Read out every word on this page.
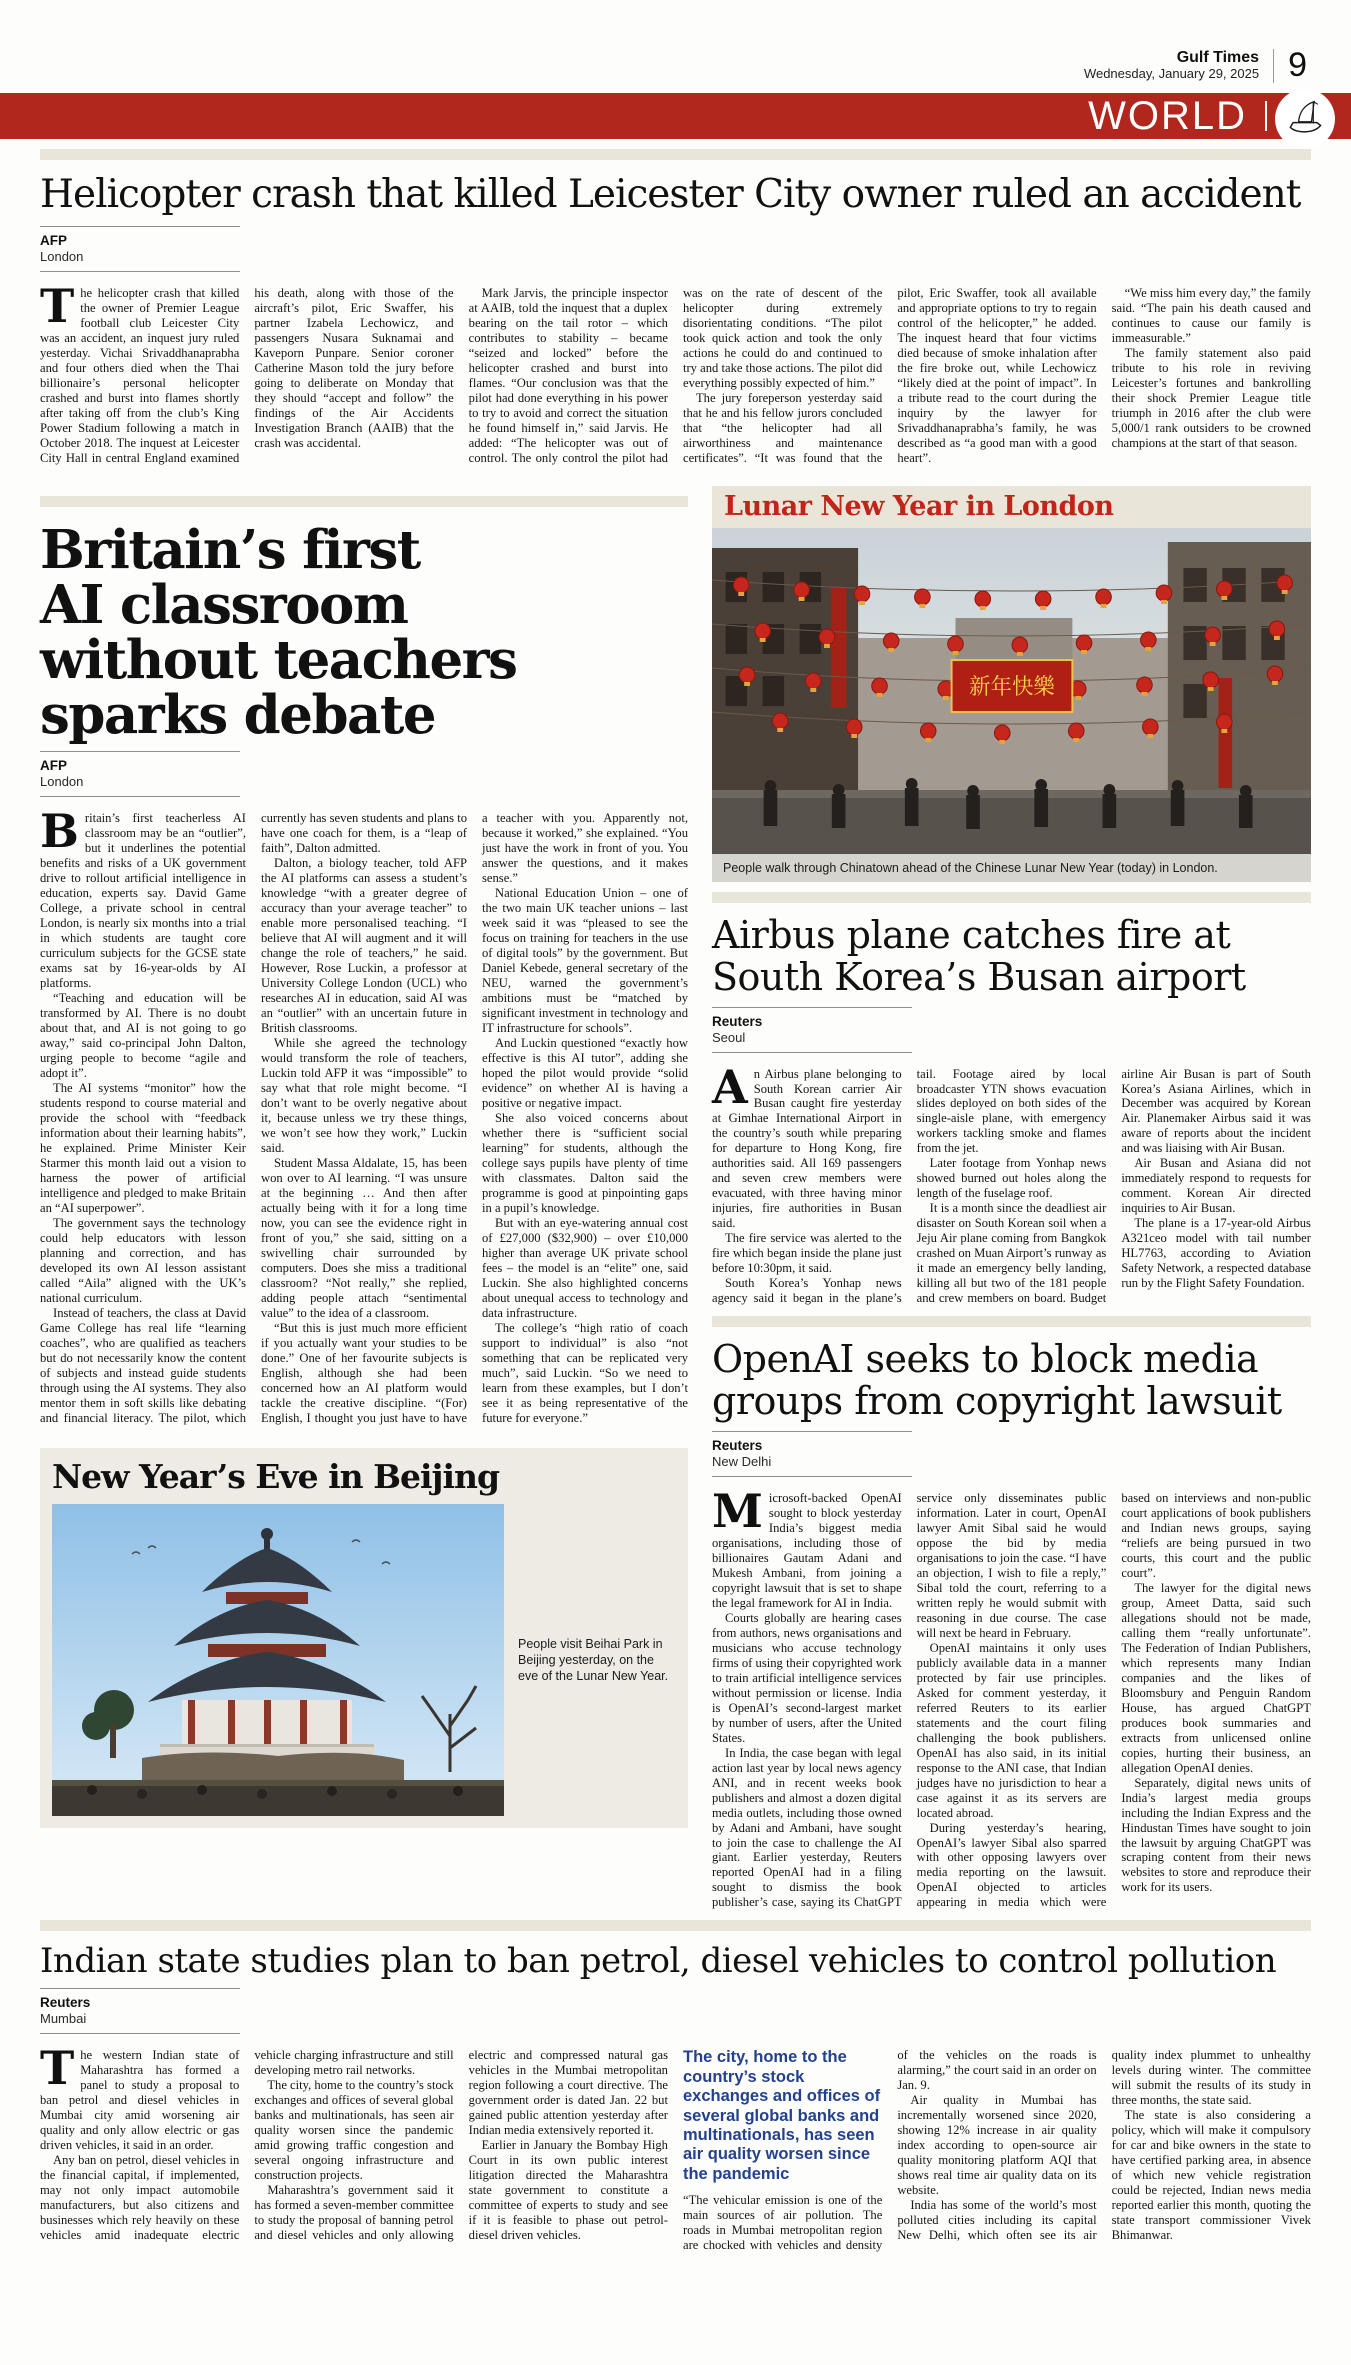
Gulf Times
Wednesday, January 29, 2025 9
WORLD
Helicopter crash that killed Leicester City owner ruled an accident
AFP
London

The helicopter crash that killed the owner of Premier League football club Leicester City was an accident, an inquest jury ruled yesterday. Vichai Srivaddhanaprabha and four others died when the Thai billionaire’s personal helicopter crashed and burst into flames shortly after taking off from the club’s King Power Stadium following a match in October 2018. The inquest at Leicester City Hall in central England examined his death, along with those of the aircraft’s pilot, Eric Swaffer, his partner Izabela Lechowicz, and passengers Nusara Suknamai and Kaveporn Punpare. Senior coroner Catherine Mason told the jury before going to deliberate on Monday that they should “accept and follow” the findings of the Air Accidents Investigation Branch (AAIB) that the crash was accidental.

Mark Jarvis, the principle inspector at AAIB, told the inquest that a duplex bearing on the tail rotor – which contributes to stability – became “seized and locked” before the helicopter crashed and burst into flames. “Our conclusion was that the pilot had done everything in his power to try to avoid and correct the situation he found himself in,” said Jarvis. He added: “The helicopter was out of control. The only control the pilot had was on the rate of descent of the helicopter during extremely disorientating conditions. “The pilot took quick action and took the only actions he could do and continued to try and take those actions. The pilot did everything possibly expected of him.”

The jury foreperson yesterday said that he and his fellow jurors concluded that “the helicopter had all airworthiness and maintenance certificates”. “It was found that the pilot, Eric Swaffer, took all available and appropriate options to try to regain control of the helicopter,” he added. The inquest heard that four victims died because of smoke inhalation after the fire broke out, while Lechowicz “likely died at the point of impact”. In a tribute read to the court during the inquiry by the lawyer for Srivaddhanaprabha’s family, he was described as “a good man with a good heart”.

“We miss him every day,” the family said. “The pain his death caused and continues to cause our family is immeasurable.”

The family statement also paid tribute to his role in reviving Leicester’s fortunes and bankrolling their shock Premier League title triumph in 2016 after the club were 5,000/1 rank outsiders to be crowned champions at the start of that season.

Britain’s first
AI classroom
without teachers
sparks debate
AFP
London

Britain’s first teacherless AI classroom may be an “outlier”, but it underlines the potential benefits and risks of a UK government drive to rollout artificial intelligence in education, experts say. David Game College, a private school in central London, is nearly six months into a trial in which students are taught core curriculum subjects for the GCSE state exams sat by 16-year-olds by AI platforms.

“Teaching and education will be transformed by AI. There is no doubt about that, and AI is not going to go away,” said co-principal John Dalton, urging people to become “agile and adopt it”.

The AI systems “monitor” how the students respond to course material and provide the school with “feedback information about their learning habits”, he explained. Prime Minister Keir Starmer this month laid out a vision to harness the power of artificial intelligence and pledged to make Britain an “AI superpower”.

The government says the technology could help educators with lesson planning and correction, and has developed its own AI lesson assistant called “Aila” aligned with the UK’s national curriculum.

Instead of teachers, the class at David Game College has real life “learning coaches”, who are qualified as teachers but do not necessarily know the content of subjects and instead guide students through using the AI systems. They also mentor them in soft skills like debating and financial literacy. The pilot, which currently has seven students and plans to have one coach for them, is a “leap of faith”, Dalton admitted.

Dalton, a biology teacher, told AFP the AI platforms can assess a student’s knowledge “with a greater degree of accuracy than your average teacher” to enable more personalised teaching. “I believe that AI will augment and it will change the role of teachers,” he said. However, Rose Luckin, a professor at University College London (UCL) who researches AI in education, said AI was an “outlier” with an uncertain future in British classrooms.

While she agreed the technology would transform the role of teachers, Luckin told AFP it was “impossible” to say what that role might become. “I don’t want to be overly negative about it, because unless we try these things, we won’t see how they work,” Luckin said.

Student Massa Aldalate, 15, has been won over to AI learning. “I was unsure at the beginning … And then after actually being with it for a long time now, you can see the evidence right in front of you,” she said, sitting on a swivelling chair surrounded by computers. Does she miss a traditional classroom? “Not really,” she replied, adding people attach “sentimental value” to the idea of a classroom.

“But this is just much more efficient if you actually want your studies to be done.” One of her favourite subjects is English, although she had been concerned how an AI platform would tackle the creative discipline. “(For) English, I thought you just have to have a teacher with you. Apparently not, because it worked,” she explained. “You just have the work in front of you. You answer the questions, and it makes sense.”

National Education Union – one of the two main UK teacher unions – last week said it was “pleased to see the focus on training for teachers in the use of digital tools” by the government. But Daniel Kebede, general secretary of the NEU, warned the government’s ambitions must be “matched by significant investment in technology and IT infrastructure for schools”.

And Luckin questioned “exactly how effective is this AI tutor”, adding she hoped the pilot would provide “solid evidence” on whether AI is having a positive or negative impact.

She also voiced concerns about whether there is “sufficient social learning” for students, although the college says pupils have plenty of time with classmates. Dalton said the programme is good at pinpointing gaps in a pupil’s knowledge.

But with an eye-watering annual cost of £27,000 ($32,900) – over £10,000 higher than average UK private school fees – the model is an “elite” one, said Luckin. She also highlighted concerns about unequal access to technology and data infrastructure.

The college’s “high ratio of coach support to individual” is also “not something that can be replicated very much”, said Luckin. “So we need to learn from these examples, but I don’t see it as being representative of the future for everyone.”

New Year’s Eve in Beijing
People visit Beihai Park in Beijing yesterday, on the eve of the Lunar New Year.
Lunar New Year in London
新年快樂
People walk through Chinatown ahead of the Chinese Lunar New Year (today) in London.
Airbus plane catches fire at
South Korea’s Busan airport
Reuters
Seoul

An Airbus plane belonging to South Korean carrier Air Busan caught fire yesterday at Gimhae International Airport in the country’s south while preparing for departure to Hong Kong, fire authorities said. All 169 passengers and seven crew members were evacuated, with three having minor injuries, fire authorities in Busan said.

The fire service was alerted to the fire which began inside the plane just before 10:30pm, it said.

South Korea’s Yonhap news agency said it began in the plane’s tail. Footage aired by local broadcaster YTN shows evacuation slides deployed on both sides of the single-aisle plane, with emergency workers tackling smoke and flames from the jet.

Later footage from Yonhap news showed burned out holes along the length of the fuselage roof.

It is a month since the deadliest air disaster on South Korean soil when a Jeju Air plane coming from Bangkok crashed on Muan Airport’s runway as it made an emergency belly landing, killing all but two of the 181 people and crew members on board. Budget airline Air Busan is part of South Korea’s Asiana Airlines, which in December was acquired by Korean Air. Planemaker Airbus said it was aware of reports about the incident and was liaising with Air Busan.

Air Busan and Asiana did not immediately respond to requests for comment. Korean Air directed inquiries to Air Busan.

The plane is a 17-year-old Airbus A321ceo model with tail number HL7763, according to Aviation Safety Network, a respected database run by the Flight Safety Foundation.

OpenAI seeks to block media
groups from copyright lawsuit
Reuters
New Delhi

Microsoft-backed OpenAI sought to block yesterday India’s biggest media organisations, including those of billionaires Gautam Adani and Mukesh Ambani, from joining a copyright lawsuit that is set to shape the legal framework for AI in India.

Courts globally are hearing cases from authors, news organisations and musicians who accuse technology firms of using their copyrighted work to train artificial intelligence services without permission or license. India is OpenAI’s second-largest market by number of users, after the United States.

In India, the case began with legal action last year by local news agency ANI, and in recent weeks book publishers and almost a dozen digital media outlets, including those owned by Adani and Ambani, have sought to join the case to challenge the AI giant. Earlier yesterday, Reuters reported OpenAI had in a filing sought to dismiss the book publisher’s case, saying its ChatGPT service only disseminates public information. Later in court, OpenAI lawyer Amit Sibal said he would oppose the bid by media organisations to join the case. “I have an objection, I wish to file a reply,” Sibal told the court, referring to a written reply he would submit with reasoning in due course. The case will next be heard in February.

OpenAI maintains it only uses publicly available data in a manner protected by fair use principles. Asked for comment yesterday, it referred Reuters to its earlier statements and the court filing challenging the book publishers. OpenAI has also said, in its initial response to the ANI case, that Indian judges have no jurisdiction to hear a case against it as its servers are located abroad.

During yesterday’s hearing, OpenAI’s lawyer Sibal also sparred with other opposing lawyers over media reporting on the lawsuit. OpenAI objected to articles appearing in media which were based on interviews and non-public court applications of book publishers and Indian news groups, saying “reliefs are being pursued in two courts, this court and the public court”.

The lawyer for the digital news group, Ameet Datta, said such allegations should not be made, calling them “really unfortunate”. The Federation of Indian Publishers, which represents many Indian companies and the likes of Bloomsbury and Penguin Random House, has argued ChatGPT produces book summaries and extracts from unlicensed online copies, hurting their business, an allegation OpenAI denies.

Separately, digital news units of India’s largest media groups including the Indian Express and the Hindustan Times have sought to join the lawsuit by arguing ChatGPT was scraping content from their news websites to store and reproduce their work for its users.

Indian state studies plan to ban petrol, diesel vehicles to control pollution
Reuters
Mumbai

The western Indian state of Maharashtra has formed a panel to study a proposal to ban petrol and diesel vehicles in Mumbai city amid worsening air quality and only allow electric or gas driven vehicles, it said in an order.

Any ban on petrol, diesel vehicles in the financial capital, if implemented, may not only impact automobile manufacturers, but also citizens and businesses which rely heavily on these vehicles amid inadequate electric vehicle charging infrastructure and still developing metro rail networks.

The city, home to the country’s stock exchanges and offices of several global banks and multinationals, has seen air quality worsen since the pandemic amid growing traffic congestion and several ongoing infrastructure and construction projects.

Maharashtra’s government said it has formed a seven-member committee to study the proposal of banning petrol and diesel vehicles and only allowing electric and compressed natural gas vehicles in the Mumbai metropolitan region following a court directive. The government order is dated Jan. 22 but gained public attention yesterday after Indian media extensively reported it.

Earlier in January the Bombay High Court in its own public interest litigation directed the Maharashtra state government to constitute a committee of experts to study and see if it is feasible to phase out petrol-diesel driven vehicles.

The city, home to the country’s stock exchanges and offices of several global banks and multinationals, has seen air quality worsen since the pandemic

“The vehicular emission is one of the main sources of air pollution. The roads in Mumbai metropolitan region are chocked with vehicles and density of the vehicles on the roads is alarming,” the court said in an order on Jan. 9.

Air quality in Mumbai has incrementally worsened since 2020, showing 12% increase in air quality index according to open-source air quality monitoring platform AQI that shows real time air quality data on its website.

India has some of the world’s most polluted cities including its capital New Delhi, which often see its air quality index plummet to unhealthy levels during winter. The committee will submit the results of its study in three months, the state said.

The state is also considering a policy, which will make it compulsory for car and bike owners in the state to have certified parking area, in absence of which new vehicle registration could be rejected, Indian news media reported earlier this month, quoting the state transport commissioner Vivek Bhimanwar.
